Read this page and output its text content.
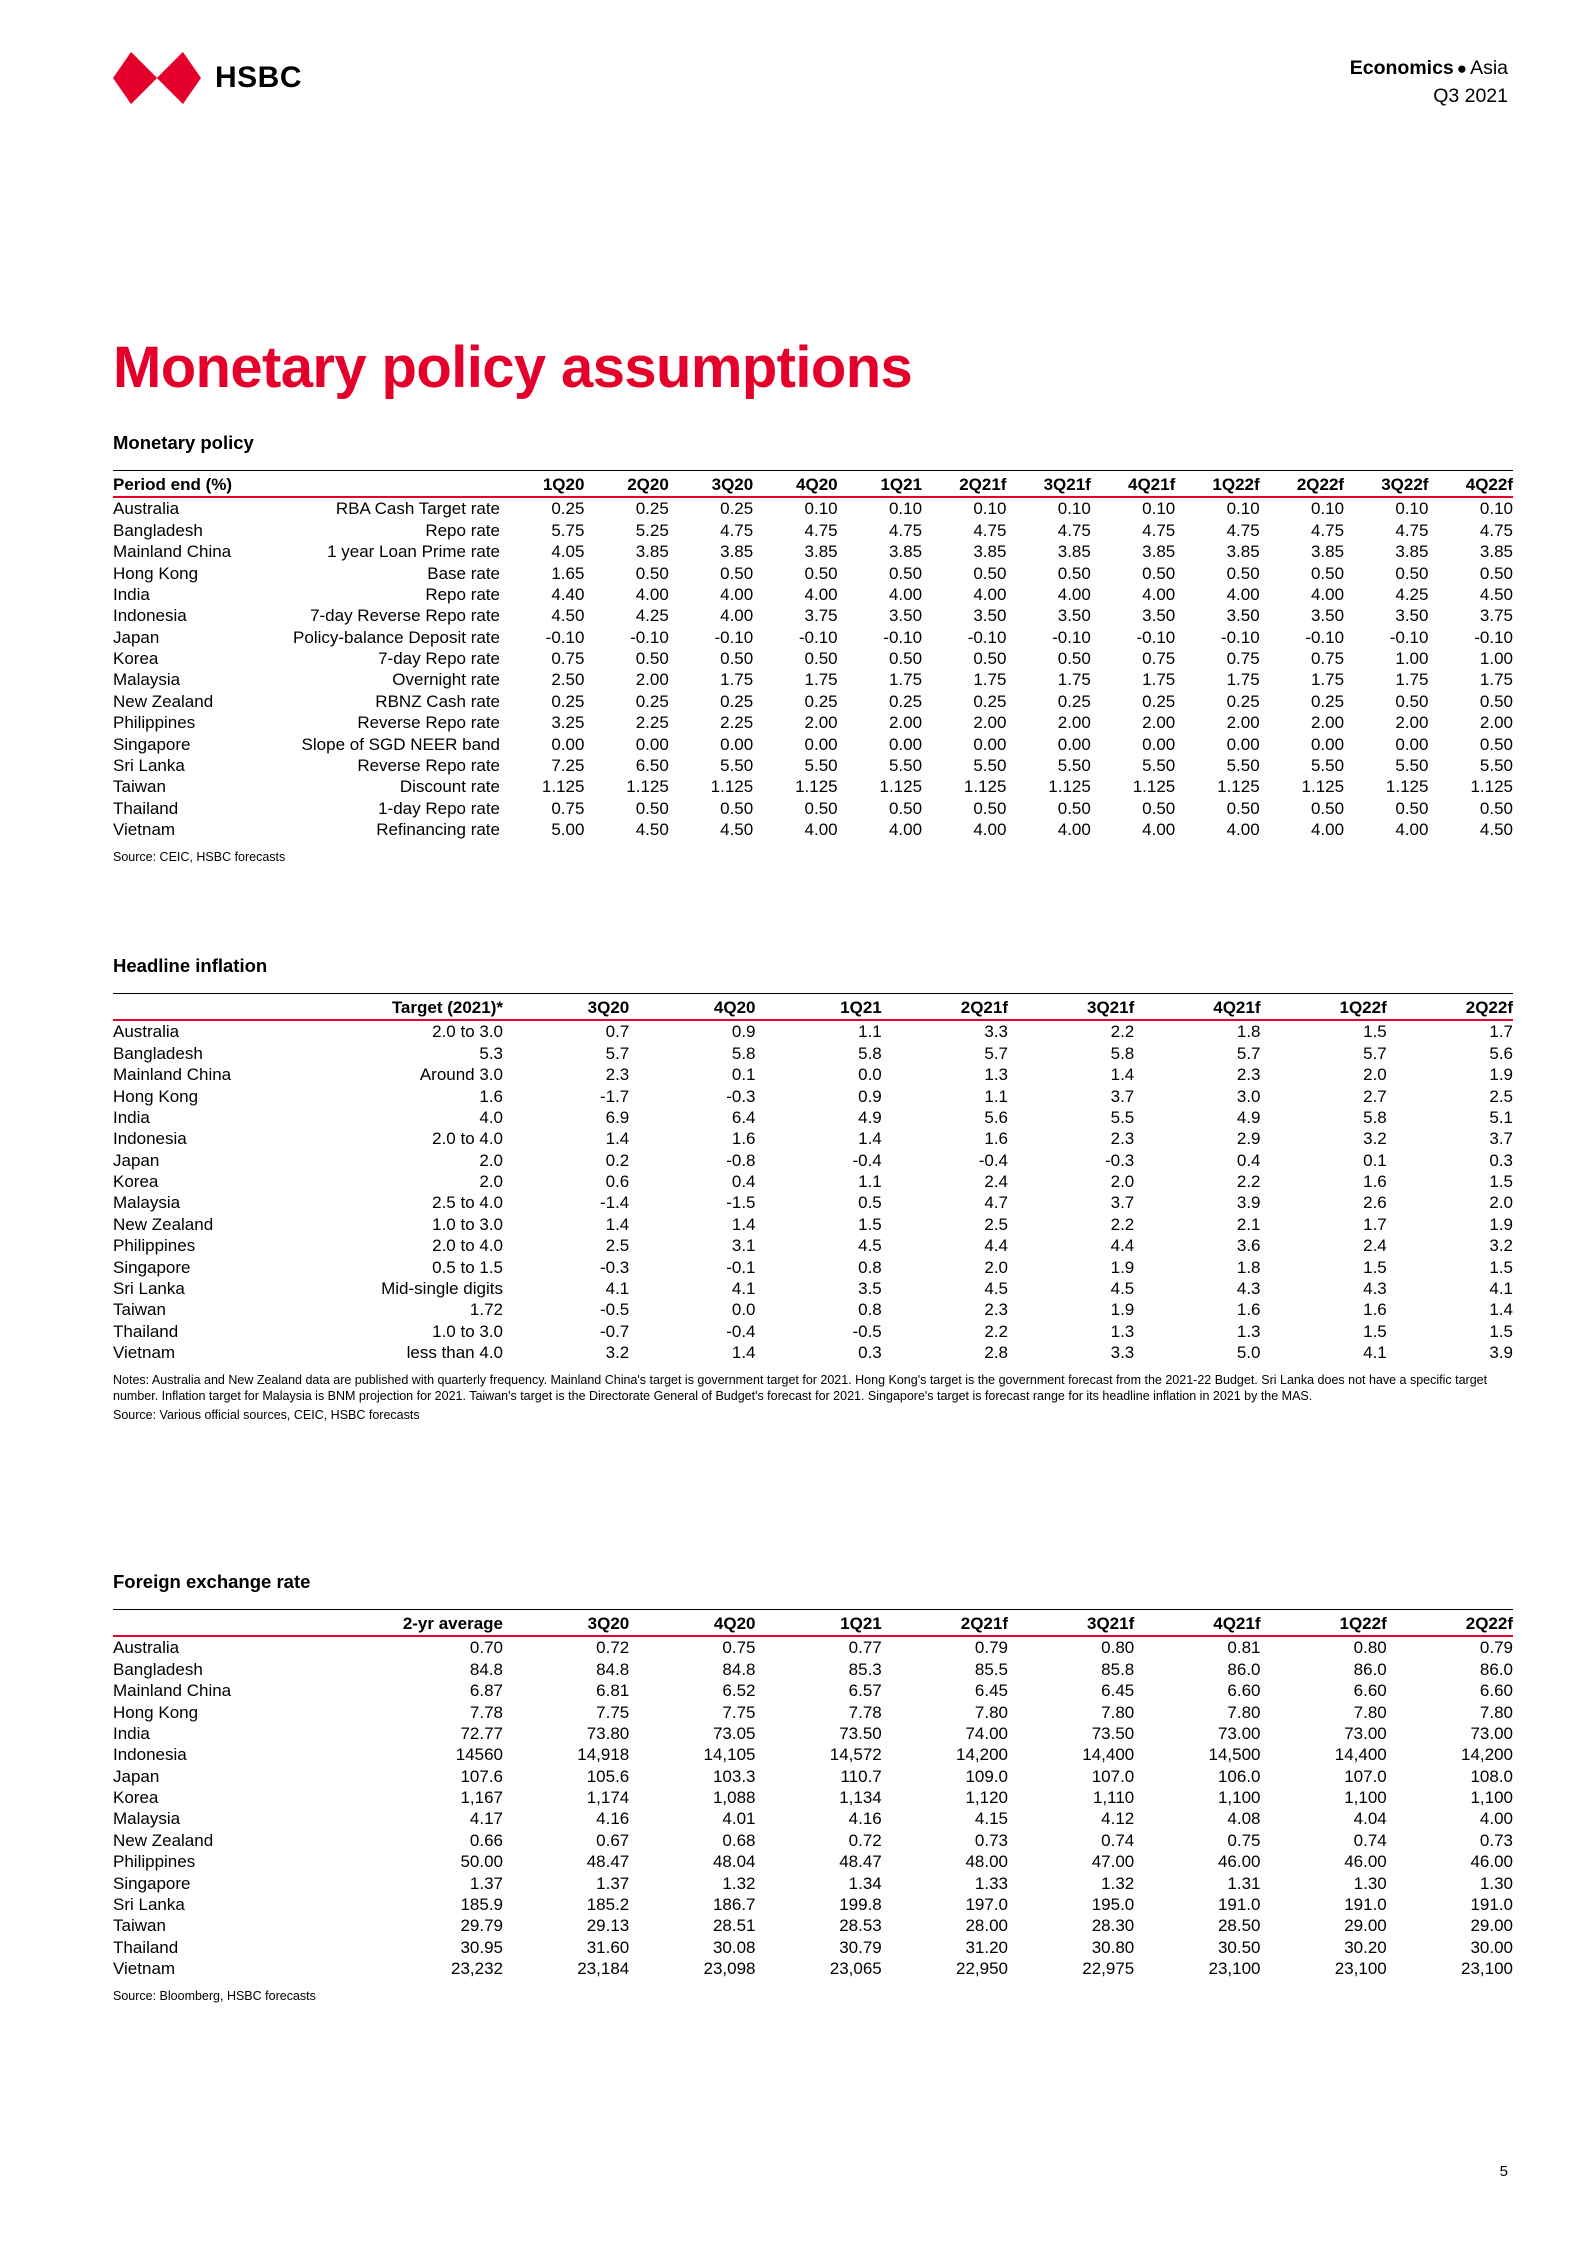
HSBC	Economics ● Asia
Q3 2021
Monetary policy assumptions
Monetary policy
Period end (%)		1Q20	2Q20	3Q20	4Q20	1Q21	2Q21f	3Q21f	4Q21f	1Q22f	2Q22f	3Q22f	4Q22f
Australia	RBA Cash Target rate	0.25	0.25	0.25	0.10	0.10	0.10	0.10	0.10	0.10	0.10	0.10	0.10
Bangladesh	Repo rate	5.75	5.25	4.75	4.75	4.75	4.75	4.75	4.75	4.75	4.75	4.75	4.75
Mainland China	1 year Loan Prime rate	4.05	3.85	3.85	3.85	3.85	3.85	3.85	3.85	3.85	3.85	3.85	3.85
Hong Kong	Base rate	1.65	0.50	0.50	0.50	0.50	0.50	0.50	0.50	0.50	0.50	0.50	0.50
India	Repo rate	4.40	4.00	4.00	4.00	4.00	4.00	4.00	4.00	4.00	4.00	4.25	4.50
Indonesia	7-day Reverse Repo rate	4.50	4.25	4.00	3.75	3.50	3.50	3.50	3.50	3.50	3.50	3.50	3.75
Japan	Policy-balance Deposit rate	-0.10	-0.10	-0.10	-0.10	-0.10	-0.10	-0.10	-0.10	-0.10	-0.10	-0.10	-0.10
Korea	7-day Repo rate	0.75	0.50	0.50	0.50	0.50	0.50	0.50	0.75	0.75	0.75	1.00	1.00
Malaysia	Overnight rate	2.50	2.00	1.75	1.75	1.75	1.75	1.75	1.75	1.75	1.75	1.75	1.75
New Zealand	RBNZ Cash rate	0.25	0.25	0.25	0.25	0.25	0.25	0.25	0.25	0.25	0.25	0.50	0.50
Philippines	Reverse Repo rate	3.25	2.25	2.25	2.00	2.00	2.00	2.00	2.00	2.00	2.00	2.00	2.00
Singapore	Slope of SGD NEER band	0.00	0.00	0.00	0.00	0.00	0.00	0.00	0.00	0.00	0.00	0.00	0.50
Sri Lanka	Reverse Repo rate	7.25	6.50	5.50	5.50	5.50	5.50	5.50	5.50	5.50	5.50	5.50	5.50
Taiwan	Discount rate	1.125	1.125	1.125	1.125	1.125	1.125	1.125	1.125	1.125	1.125	1.125	1.125
Thailand	1-day Repo rate	0.75	0.50	0.50	0.50	0.50	0.50	0.50	0.50	0.50	0.50	0.50	0.50
Vietnam	Refinancing rate	5.00	4.50	4.50	4.00	4.00	4.00	4.00	4.00	4.00	4.00	4.00	4.50
Source: CEIC, HSBC forecasts
Headline inflation
	Target (2021)*	3Q20	4Q20	1Q21	2Q21f	3Q21f	4Q21f	1Q22f	2Q22f
Australia	2.0 to 3.0	0.7	0.9	1.1	3.3	2.2	1.8	1.5	1.7
Bangladesh	5.3	5.7	5.8	5.8	5.7	5.8	5.7	5.7	5.6
Mainland China	Around 3.0	2.3	0.1	0.0	1.3	1.4	2.3	2.0	1.9
Hong Kong	1.6	-1.7	-0.3	0.9	1.1	3.7	3.0	2.7	2.5
India	4.0	6.9	6.4	4.9	5.6	5.5	4.9	5.8	5.1
Indonesia	2.0 to 4.0	1.4	1.6	1.4	1.6	2.3	2.9	3.2	3.7
Japan	2.0	0.2	-0.8	-0.4	-0.4	-0.3	0.4	0.1	0.3
Korea	2.0	0.6	0.4	1.1	2.4	2.0	2.2	1.6	1.5
Malaysia	2.5 to 4.0	-1.4	-1.5	0.5	4.7	3.7	3.9	2.6	2.0
New Zealand	1.0 to 3.0	1.4	1.4	1.5	2.5	2.2	2.1	1.7	1.9
Philippines	2.0 to 4.0	2.5	3.1	4.5	4.4	4.4	3.6	2.4	3.2
Singapore	0.5 to 1.5	-0.3	-0.1	0.8	2.0	1.9	1.8	1.5	1.5
Sri Lanka	Mid-single digits	4.1	4.1	3.5	4.5	4.5	4.3	4.3	4.1
Taiwan	1.72	-0.5	0.0	0.8	2.3	1.9	1.6	1.6	1.4
Thailand	1.0 to 3.0	-0.7	-0.4	-0.5	2.2	1.3	1.3	1.5	1.5
Vietnam	less than 4.0	3.2	1.4	0.3	2.8	3.3	5.0	4.1	3.9
Notes: Australia and New Zealand data are published with quarterly frequency. Mainland China's target is government target for 2021. Hong Kong's target is the government forecast from the 2021-22 Budget. Sri Lanka does not have a specific target number. Inflation target for Malaysia is BNM projection for 2021. Taiwan's target is the Directorate General of Budget's forecast for 2021. Singapore's target is forecast range for its headline inflation in 2021 by the MAS.
Source: Various official sources, CEIC, HSBC forecasts
Foreign exchange rate
	2-yr average	3Q20	4Q20	1Q21	2Q21f	3Q21f	4Q21f	1Q22f	2Q22f
Australia	0.70	0.72	0.75	0.77	0.79	0.80	0.81	0.80	0.79
Bangladesh	84.8	84.8	84.8	85.3	85.5	85.8	86.0	86.0	86.0
Mainland China	6.87	6.81	6.52	6.57	6.45	6.45	6.60	6.60	6.60
Hong Kong	7.78	7.75	7.75	7.78	7.80	7.80	7.80	7.80	7.80
India	72.77	73.80	73.05	73.50	74.00	73.50	73.00	73.00	73.00
Indonesia	14560	14,918	14,105	14,572	14,200	14,400	14,500	14,400	14,200
Japan	107.6	105.6	103.3	110.7	109.0	107.0	106.0	107.0	108.0
Korea	1,167	1,174	1,088	1,134	1,120	1,110	1,100	1,100	1,100
Malaysia	4.17	4.16	4.01	4.16	4.15	4.12	4.08	4.04	4.00
New Zealand	0.66	0.67	0.68	0.72	0.73	0.74	0.75	0.74	0.73
Philippines	50.00	48.47	48.04	48.47	48.00	47.00	46.00	46.00	46.00
Singapore	1.37	1.37	1.32	1.34	1.33	1.32	1.31	1.30	1.30
Sri Lanka	185.9	185.2	186.7	199.8	197.0	195.0	191.0	191.0	191.0
Taiwan	29.79	29.13	28.51	28.53	28.00	28.30	28.50	29.00	29.00
Thailand	30.95	31.60	30.08	30.79	31.20	30.80	30.50	30.20	30.00
Vietnam	23,232	23,184	23,098	23,065	22,950	22,975	23,100	23,100	23,100
Source: Bloomberg, HSBC forecasts
5
